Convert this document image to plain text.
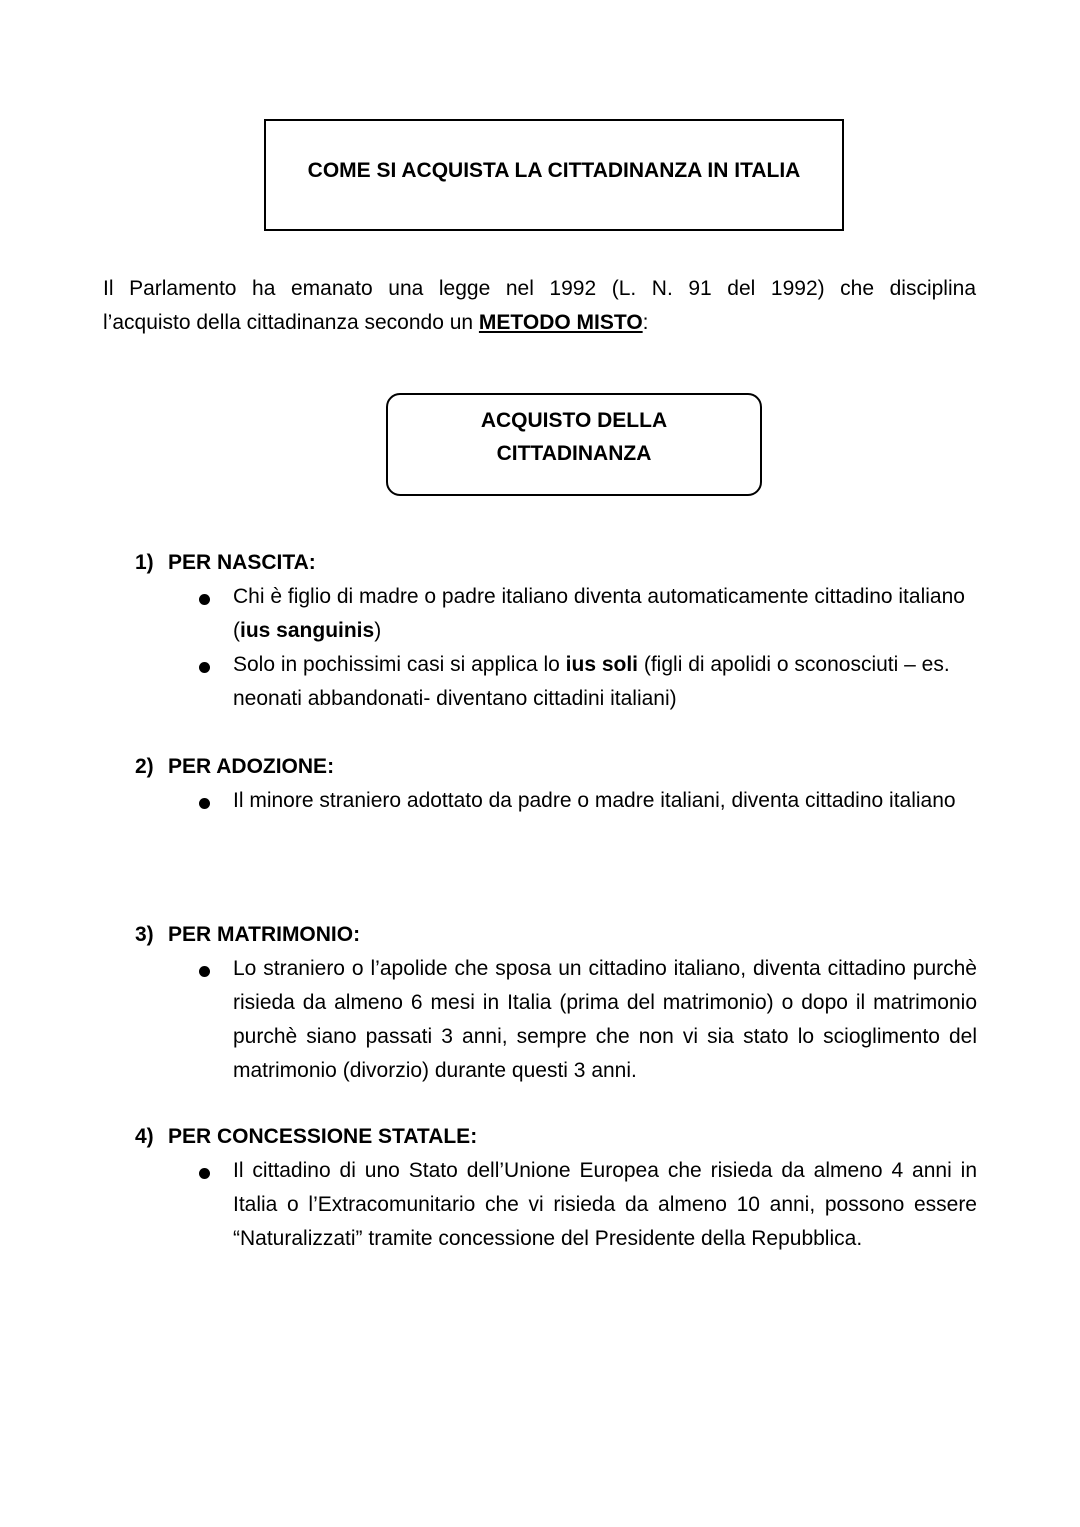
COME SI ACQUISTA LA CITTADINANZA IN ITALIA
Il Parlamento ha emanato una legge nel 1992 (L. N. 91 del 1992) che disciplina
l’acquisto della cittadinanza secondo un METODO MISTO:
ACQUISTO DELLA
CITTADINANZA
1) PER NASCITA:
Chi è figlio di madre o padre italiano diventa automaticamente cittadino italiano (ius sanguinis)
Solo in pochissimi casi si applica lo ius soli (figli di apolidi o sconosciuti – es. neonati abbandonati- diventano cittadini italiani)
2) PER ADOZIONE:
Il minore straniero adottato da padre o madre italiani, diventa cittadino italiano
3) PER MATRIMONIO:
Lo straniero o l’apolide che sposa un cittadino italiano, diventa cittadino purchè risieda da almeno 6 mesi in Italia (prima del matrimonio) o dopo il matrimonio purchè siano passati 3 anni, sempre che non vi sia stato lo scioglimento del matrimonio (divorzio) durante questi 3 anni.
4) PER CONCESSIONE STATALE:
Il cittadino di uno Stato dell’Unione Europea che risieda da almeno 4 anni in Italia o l’Extracomunitario che vi risieda da almeno 10 anni, possono essere “Naturalizzati” tramite concessione del Presidente della Repubblica.
